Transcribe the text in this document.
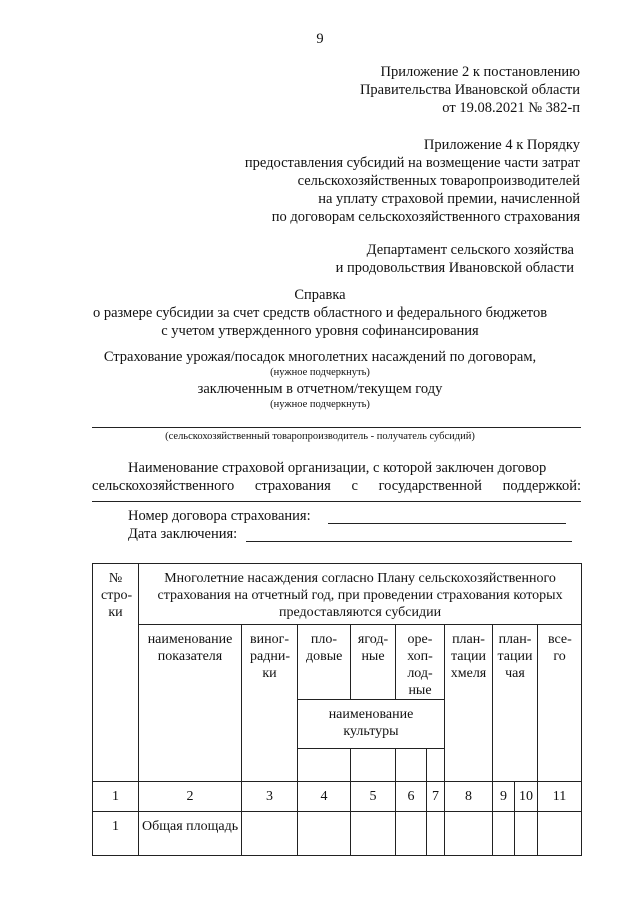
9
Приложение 2 к постановлению
Правительства Ивановской области
от 19.08.2021 № 382-п
Приложение 4 к Порядку
предоставления субсидий на возмещение части затрат
сельскохозяйственных товаропроизводителей
на уплату страховой премии, начисленной
по договорам сельскохозяйственного страхования
Департамент сельского хозяйства
и продовольствия Ивановской области
Справка
о размере субсидии за счет средств областного и федерального бюджетов
с учетом утвержденного уровня софинансирования
Страхование урожая/посадок многолетних насаждений по договорам,
(нужное подчеркнуть)
заключенным в отчетном/текущем году
(нужное подчеркнуть)
(сельскохозяйственный товаропроизводитель - получатель субсидий)
Наименование страховой организации, с которой заключен договор
сельскохозяйственного страхования с государственной поддержкой:
Номер договора страхования:
Дата заключения:
№ стро-ки	Многолетние насаждения согласно Плану сельскохозяйственного страхования на отчетный год, при проведении страхования которых предоставляются субсидии									
	наименование показателя	виног-радни-ки	пло-довые	ягод-ные	оре-хоп-лод-ные		план-тации хмеля	план-тации чая		все-го
			наименование культуры							

1	2	3	4	5	6	7	8	9	10	11
1	Общая площадь									
